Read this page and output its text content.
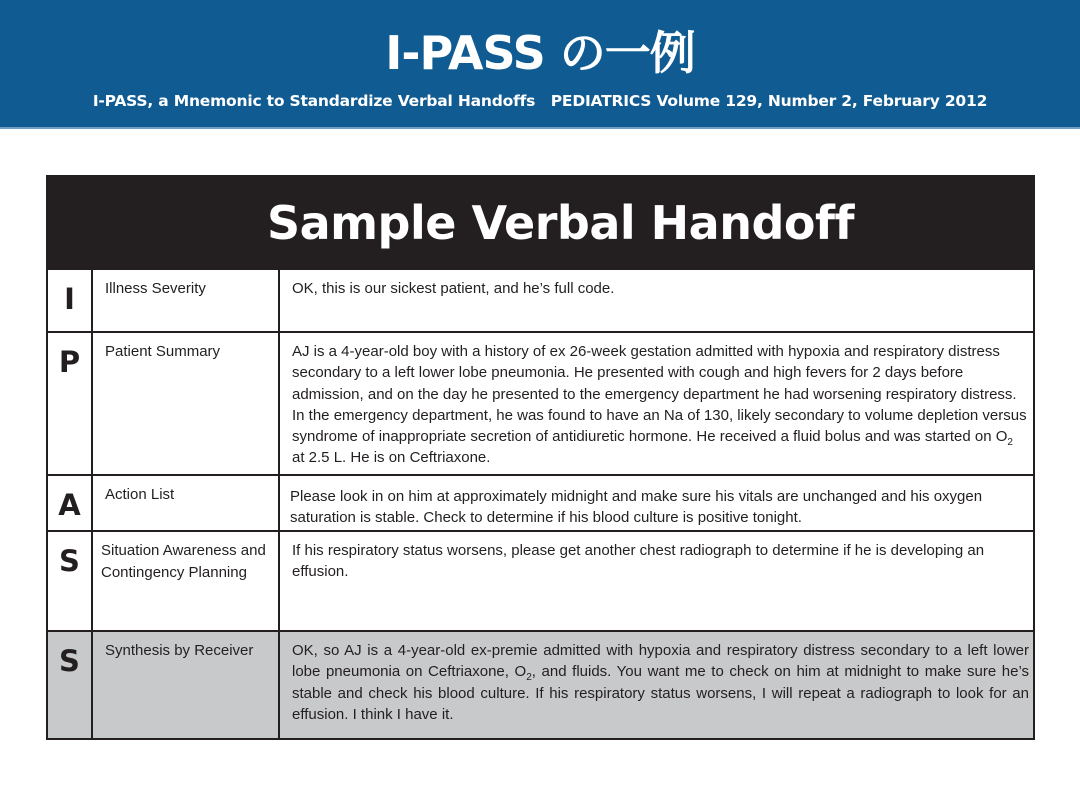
I-PASS の一例
I-PASS, a Mnemonic to Standardize Verbal Handoffs   PEDIATRICS Volume 129, Number 2, February 2012
Sample Verbal Handoff		
I	Illness Severity	OK, this is our sickest patient, and he’s full code.
P	Patient Summary	AJ is a 4-year-old boy with a history of ex 26-week gestation admitted with hypoxia and respiratory distress secondary to a left lower lobe pneumonia. He presented with cough and high fevers for 2 days before admission, and on the day he presented to the emergency department he had worsening respiratory distress. In the emergency department, he was found to have an Na of 130, likely secondary to volume depletion versus syndrome of inappropriate secretion of antidiuretic hormone. He received a fluid bolus and was started on $O_2$ at 2.5 L. He is on Ceftriaxone.
A	Action List	Please look in on him at approximately midnight and make sure his vitals are unchanged and his oxygen saturation is stable. Check to determine if his blood culture is positive tonight.
S	Situation Awareness and Contingency Planning	If his respiratory status worsens, please get another chest radiograph to determine if he is developing an effusion.
S	Synthesis by Receiver	OK, so AJ is a 4-year-old ex-premie admitted with hypoxia and respiratory distress secondary to a left lower lobe pneumonia on Ceftriaxone, $O_2$, and fluids. You want me to check on him at midnight to make sure he’s stable and check his blood culture. If his respiratory status worsens, I will repeat a radiograph to look for an effusion. I think I have it.
